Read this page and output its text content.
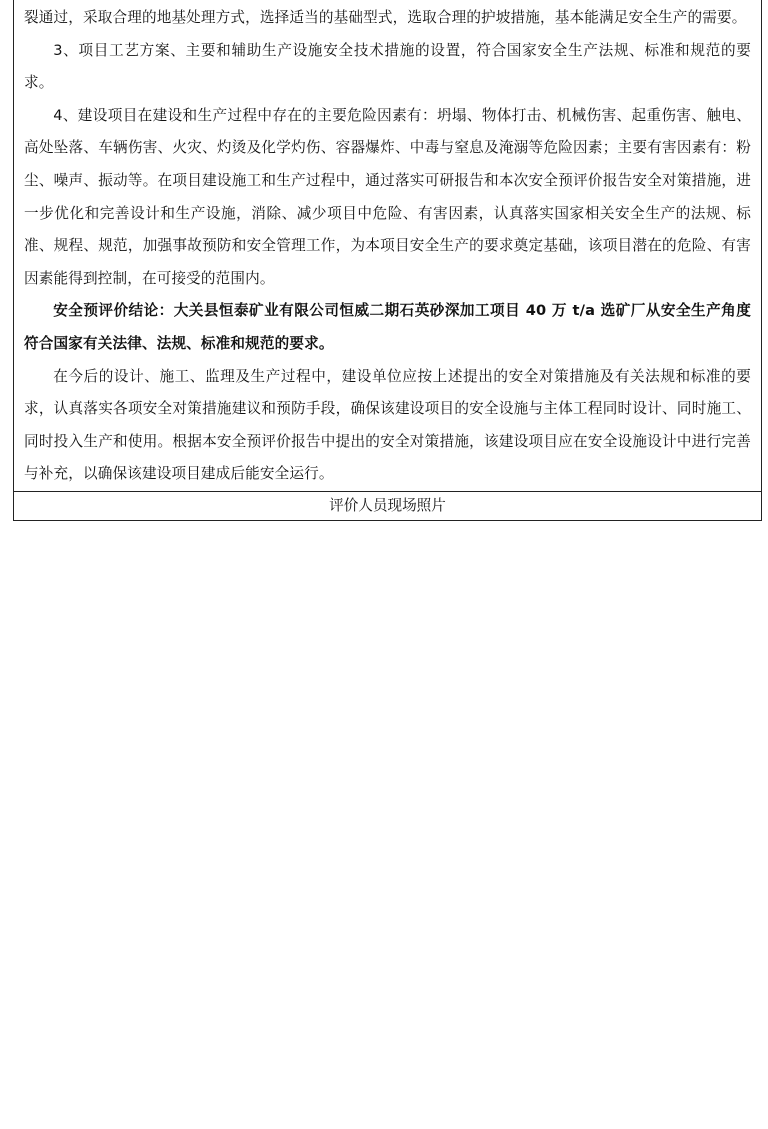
裂通过，采取合理的地基处理方式，选择适当的基础型式，选取合理的护坡措施，基本能满足安全生产的需要。

3、项目工艺方案、主要和辅助生产设施安全技术措施的设置，符合国家安全生产法规、标准和规范的要求。

4、建设项目在建设和生产过程中存在的主要危险因素有：坍塌、物体打击、机械伤害、起重伤害、触电、高处坠落、车辆伤害、火灾、灼烫及化学灼伤、容器爆炸、中毒与窒息及淹溺等危险因素；主要有害因素有：粉尘、噪声、振动等。在项目建设施工和生产过程中，通过落实可研报告和本次安全预评价报告安全对策措施，进一步优化和完善设计和生产设施，消除、减少项目中危险、有害因素，认真落实国家相关安全生产的法规、标准、规程、规范，加强事故预防和安全管理工作，为本项目安全生产的要求奠定基础，该项目潜在的危险、有害因素能得到控制，在可接受的范围内。

安全预评价结论：大关县恒泰矿业有限公司恒威二期石英砂深加工项目 40 万 t/a 选矿厂从安全生产角度符合国家有关法律、法规、标准和规范的要求。

在今后的设计、施工、监理及生产过程中，建设单位应按上述提出的安全对策措施及有关法规和标准的要求，认真落实各项安全对策措施建议和预防手段，确保该建设项目的安全设施与主体工程同时设计、同时施工、同时投入生产和使用。根据本安全预评价报告中提出的安全对策措施，该建设项目应在安全设施设计中进行完善与补充，以确保该建设项目建成后能安全运行。

评价人员现场照片
